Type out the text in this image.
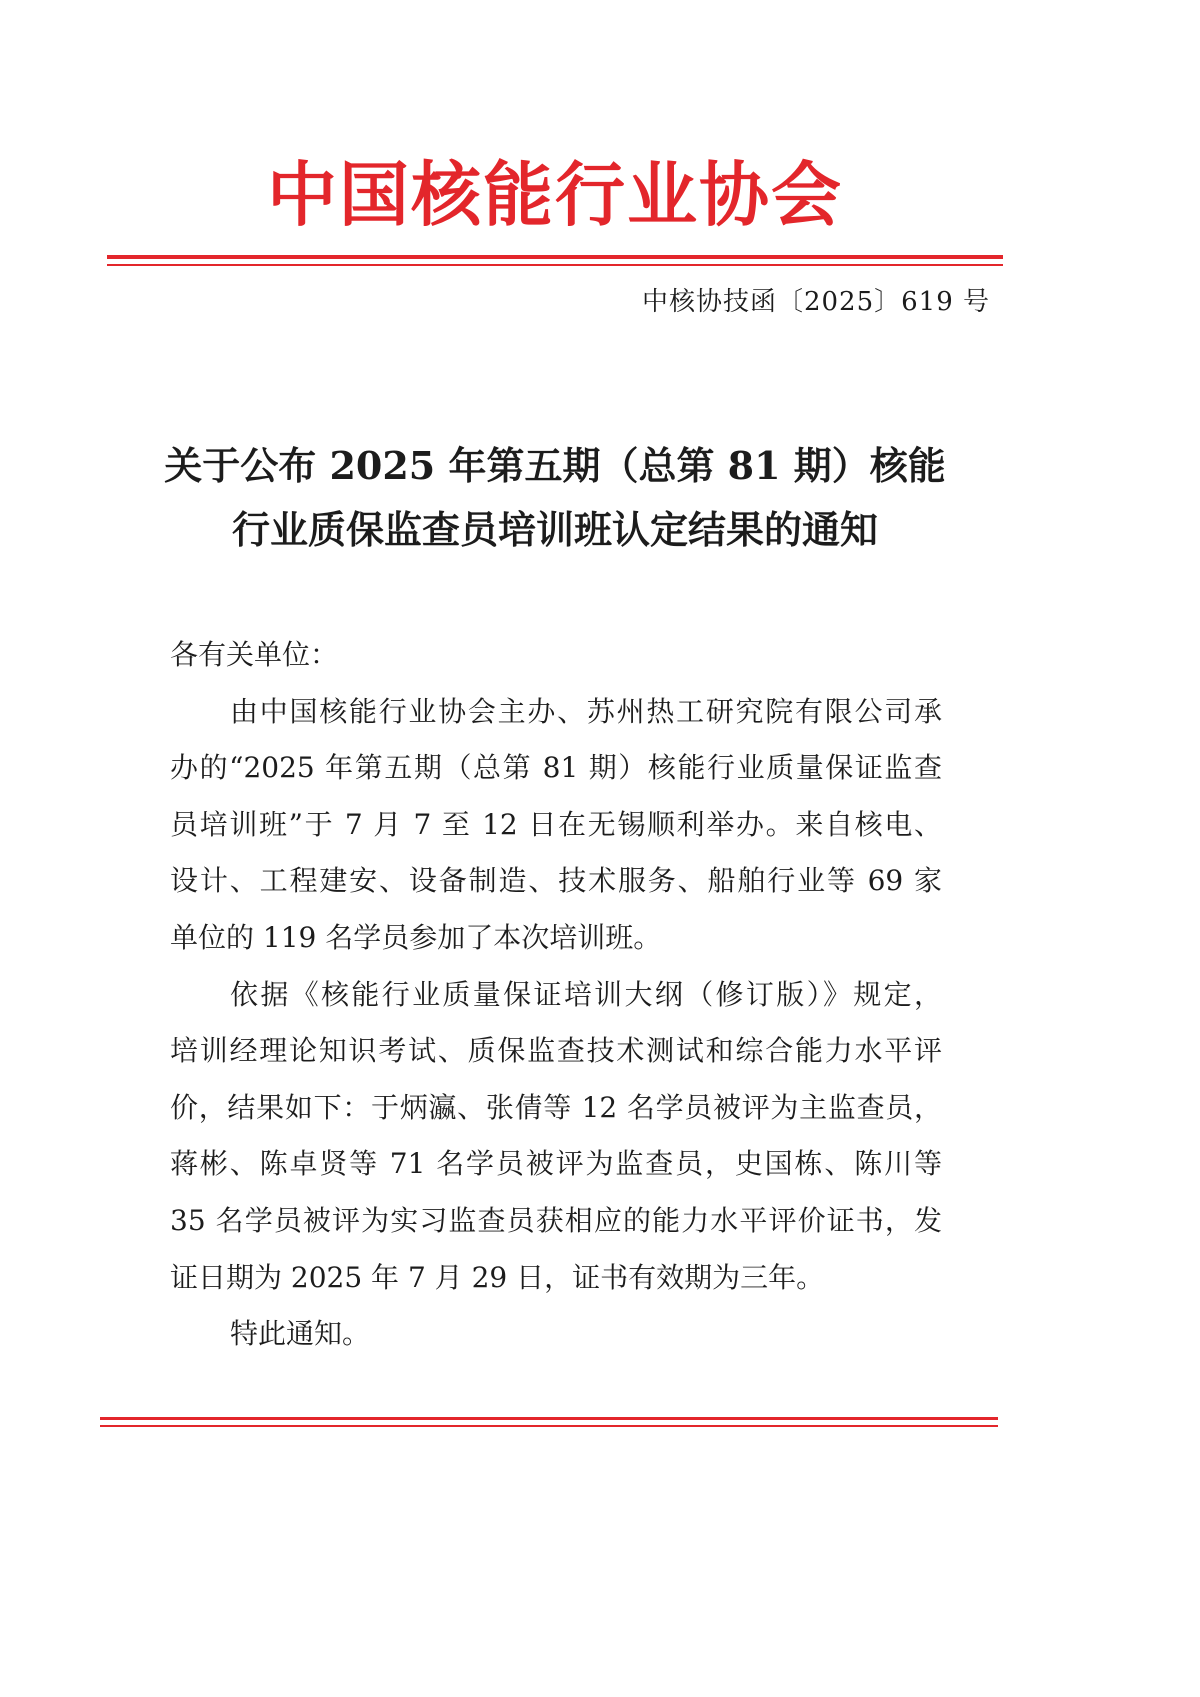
中国核能行业协会
中核协技函〔2025〕619 号
关于公布 2025 年第五期（总第 81 期）核能
行业质保监查员培训班认定结果的通知
各有关单位：
由中国核能行业协会主办、苏州热工研究院有限公司承
办的“2025 年第五期（总第 81 期）核能行业质量保证监查
员培训班”于 7 月 7 至 12 日在无锡顺利举办。来自核电、
设计、工程建安、设备制造、技术服务、船舶行业等 69 家
单位的 119 名学员参加了本次培训班。
依据《核能行业质量保证培训大纲（修订版）》规定，
培训经理论知识考试、质保监查技术测试和综合能力水平评
价，结果如下：于炳瀛、张倩等 12 名学员被评为主监查员，
蒋彬、陈卓贤等 71 名学员被评为监查员，史国栋、陈川等
35 名学员被评为实习监查员获相应的能力水平评价证书，发
证日期为 2025 年 7 月 29 日，证书有效期为三年。
特此通知。
